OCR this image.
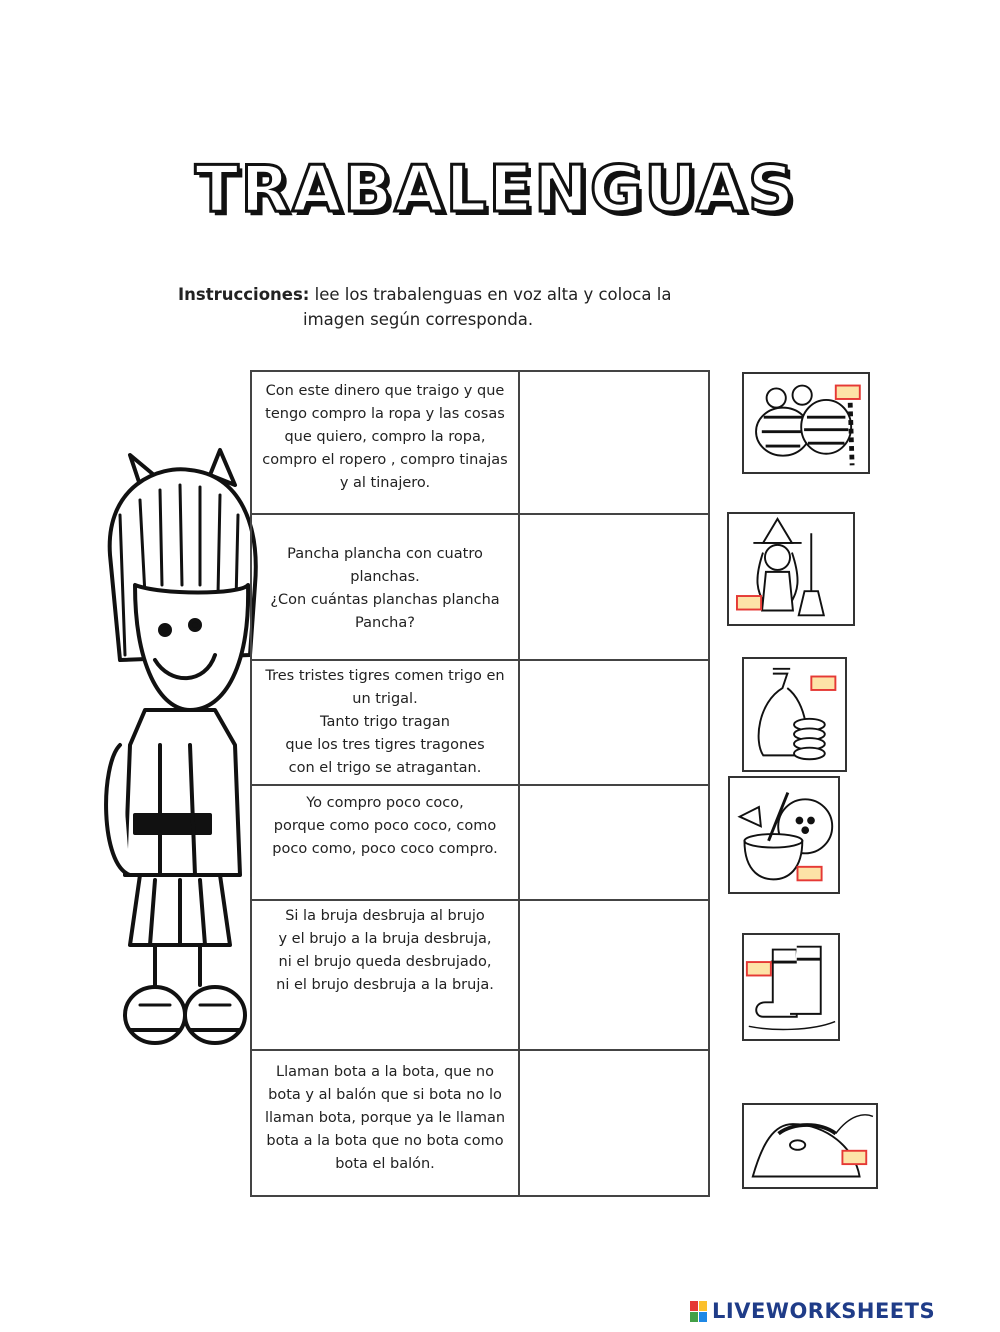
TRABALENGUAS
Instrucciones: lee los trabalenguas en voz alta y coloca la
imagen según corresponda.
Con este dinero que traigo y que
tengo compro la ropa y las cosas
que quiero, compro la ropa,
compro el ropero , compro tinajas
y al tinajero.
Pancha plancha con cuatro
planchas.
¿Con cuántas planchas plancha
Pancha?
Tres tristes tigres comen trigo en
un trigal.
Tanto trigo tragan
que los tres tigres tragones
con el trigo se atragantan.
Yo compro poco coco,
porque como poco coco, como
poco como, poco coco compro.
Si la bruja desbruja al brujo
y el brujo a la bruja desbruja,
ni el brujo queda desbrujado,
ni el brujo desbruja a la bruja.
Llaman bota a la bota, que no
bota y al balón que si bota no lo
llaman bota, porque ya le llaman
bota a la bota que no bota como
bota el balón.
LIVEWORKSHEETS
